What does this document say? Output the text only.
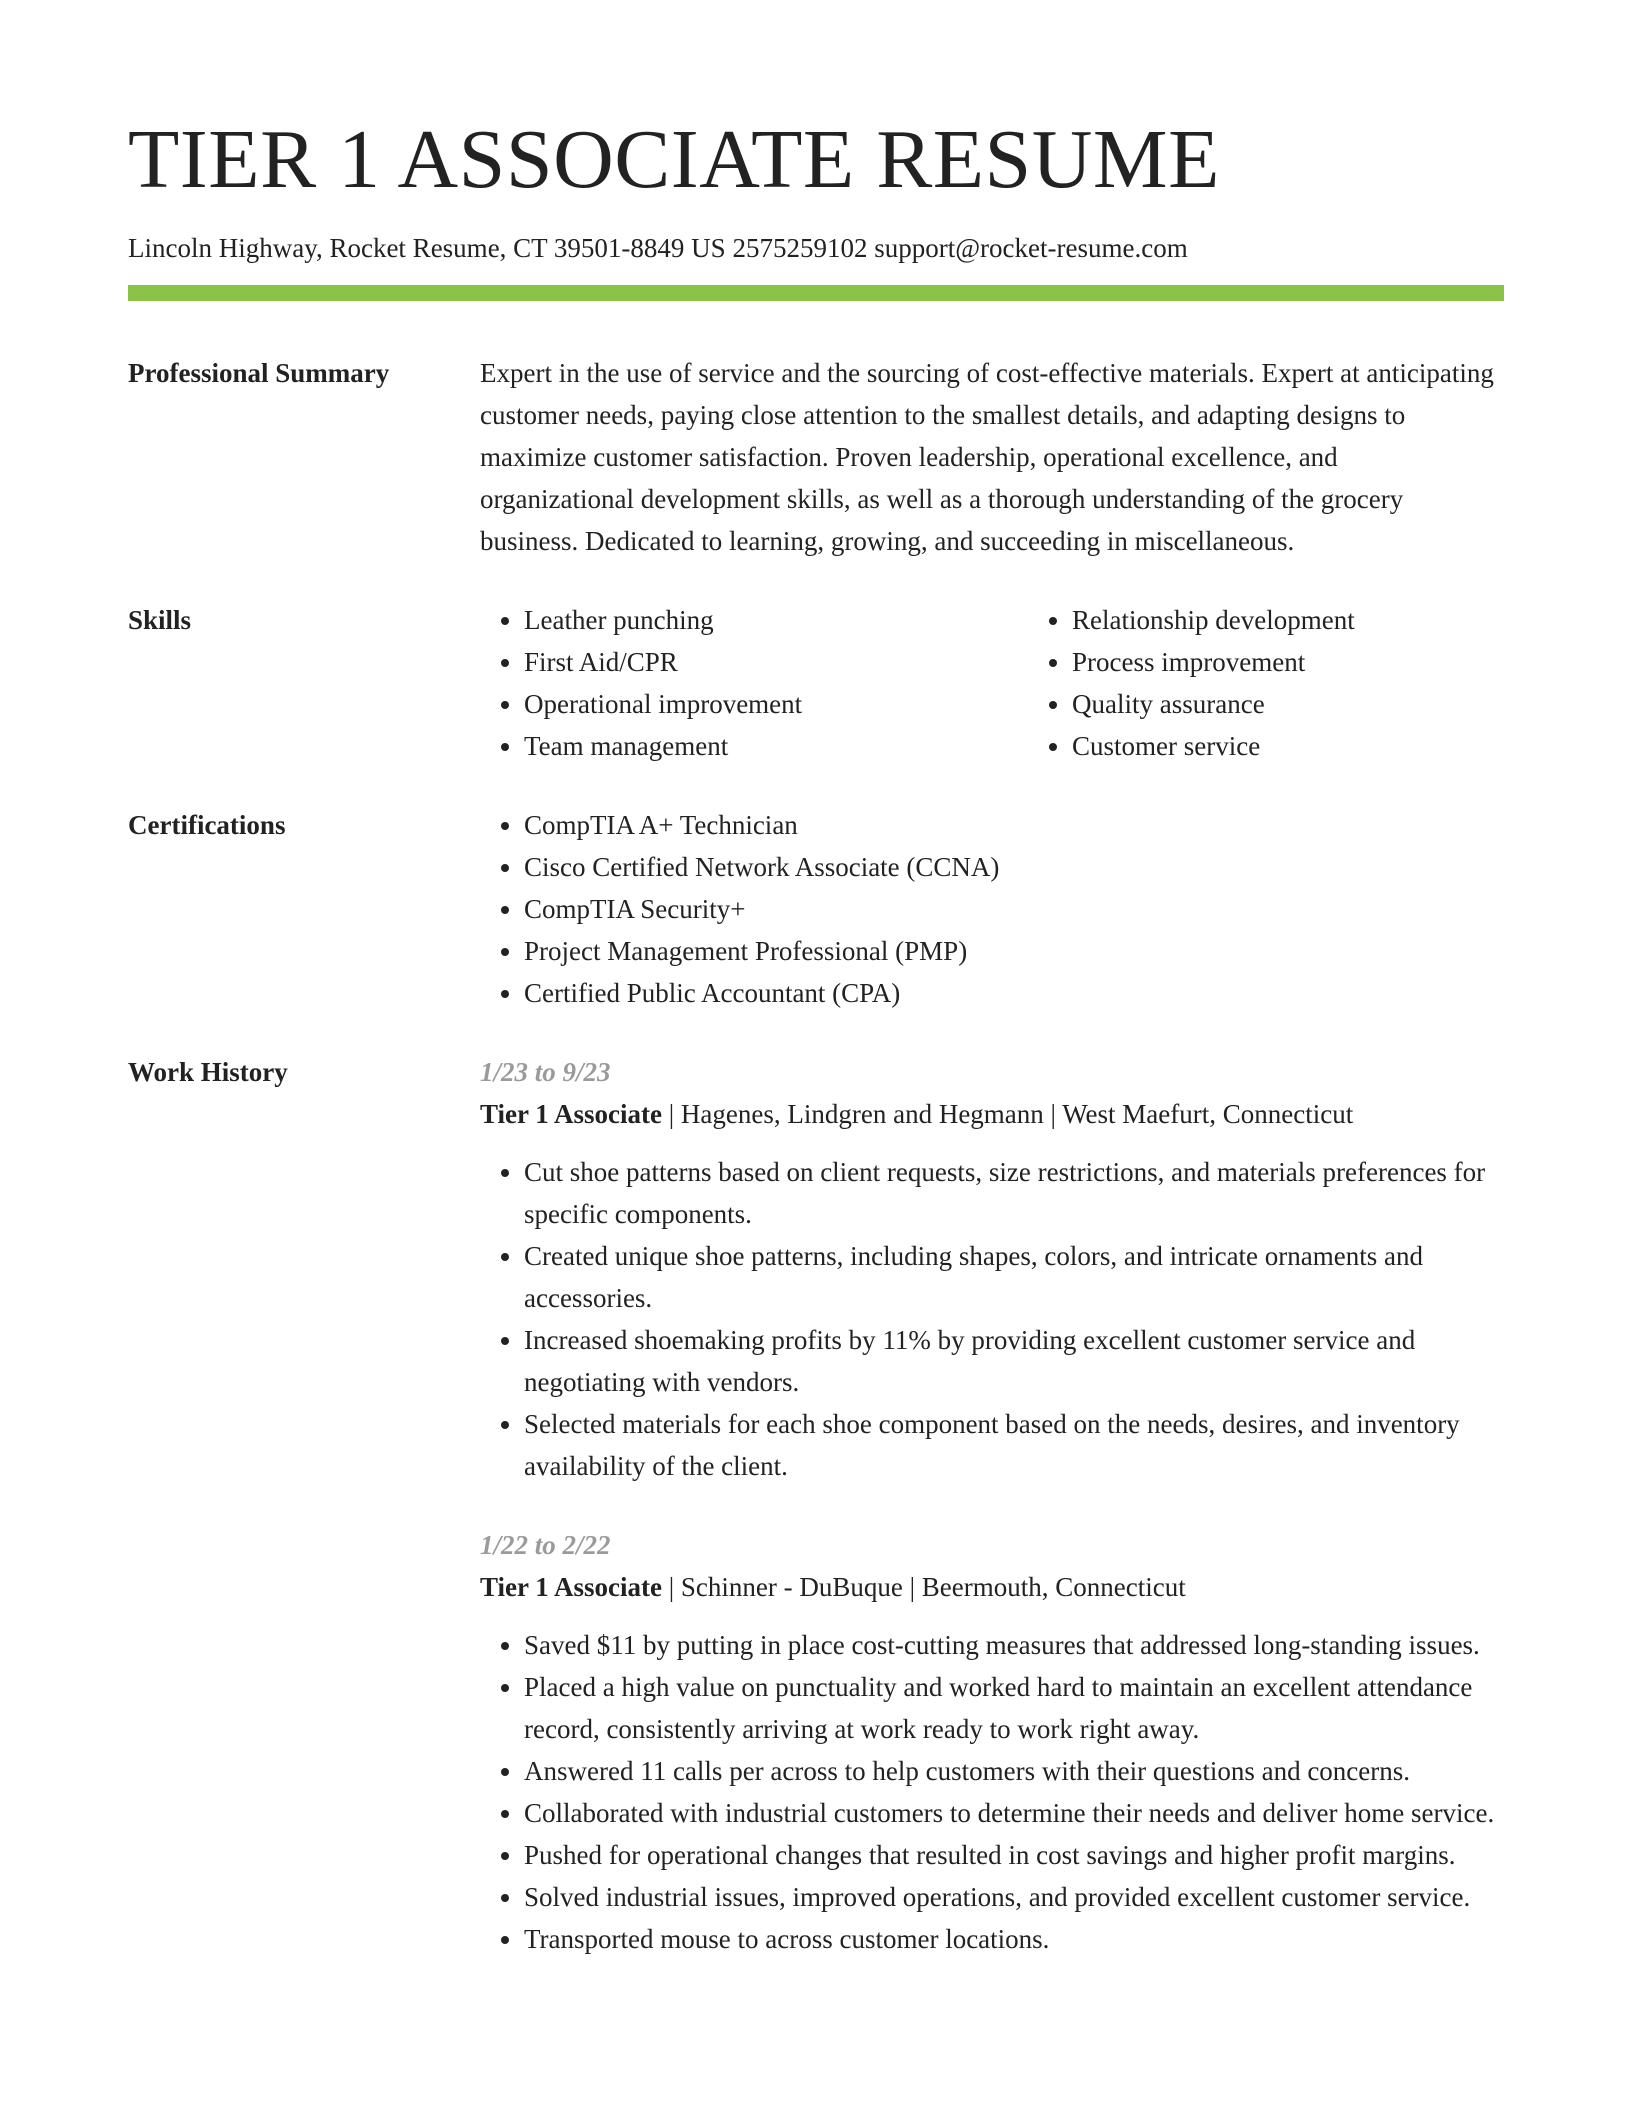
TIER 1 ASSOCIATE RESUME
Lincoln Highway, Rocket Resume, CT 39501-8849 US 2575259102 support@rocket-resume.com
Professional Summary	Expert in the use of service and the sourcing of cost-effective materials. Expert at anticipating customer needs, paying close attention to the smallest details, and adapting designs to maximize customer satisfaction. Proven leadership, operational excellence, and organizational development skills, as well as a thorough understanding of the grocery business. Dedicated to learning, growing, and succeeding in miscellaneous.

Skills	• Leather punching
• First Aid/CPR
• Operational improvement
• Team management
• Relationship development
• Process improvement
• Quality assurance
• Customer service
Certifications	• CompTIA A+ Technician
• Cisco Certified Network Associate (CCNA)
• CompTIA Security+
• Project Management Professional (PMP)
• Certified Public Accountant (CPA)
Work History	1/23 to 9/23
Tier 1 Associate | Hagenes, Lindgren and Hegmann | West Maefurt, Connecticut
• Cut shoe patterns based on client requests, size restrictions, and materials preferences for specific components.
• Created unique shoe patterns, including shapes, colors, and intricate ornaments and accessories.
• Increased shoemaking profits by 11% by providing excellent customer service and negotiating with vendors.
• Selected materials for each shoe component based on the needs, desires, and inventory availability of the client.
1/22 to 2/22
Tier 1 Associate | Schinner - DuBuque | Beermouth, Connecticut
• Saved $11 by putting in place cost-cutting measures that addressed long-standing issues.
• Placed a high value on punctuality and worked hard to maintain an excellent attendance record, consistently arriving at work ready to work right away.
• Answered 11 calls per across to help customers with their questions and concerns.
• Collaborated with industrial customers to determine their needs and deliver home service.
• Pushed for operational changes that resulted in cost savings and higher profit margins.
• Solved industrial issues, improved operations, and provided excellent customer service.
• Transported mouse to across customer locations.
